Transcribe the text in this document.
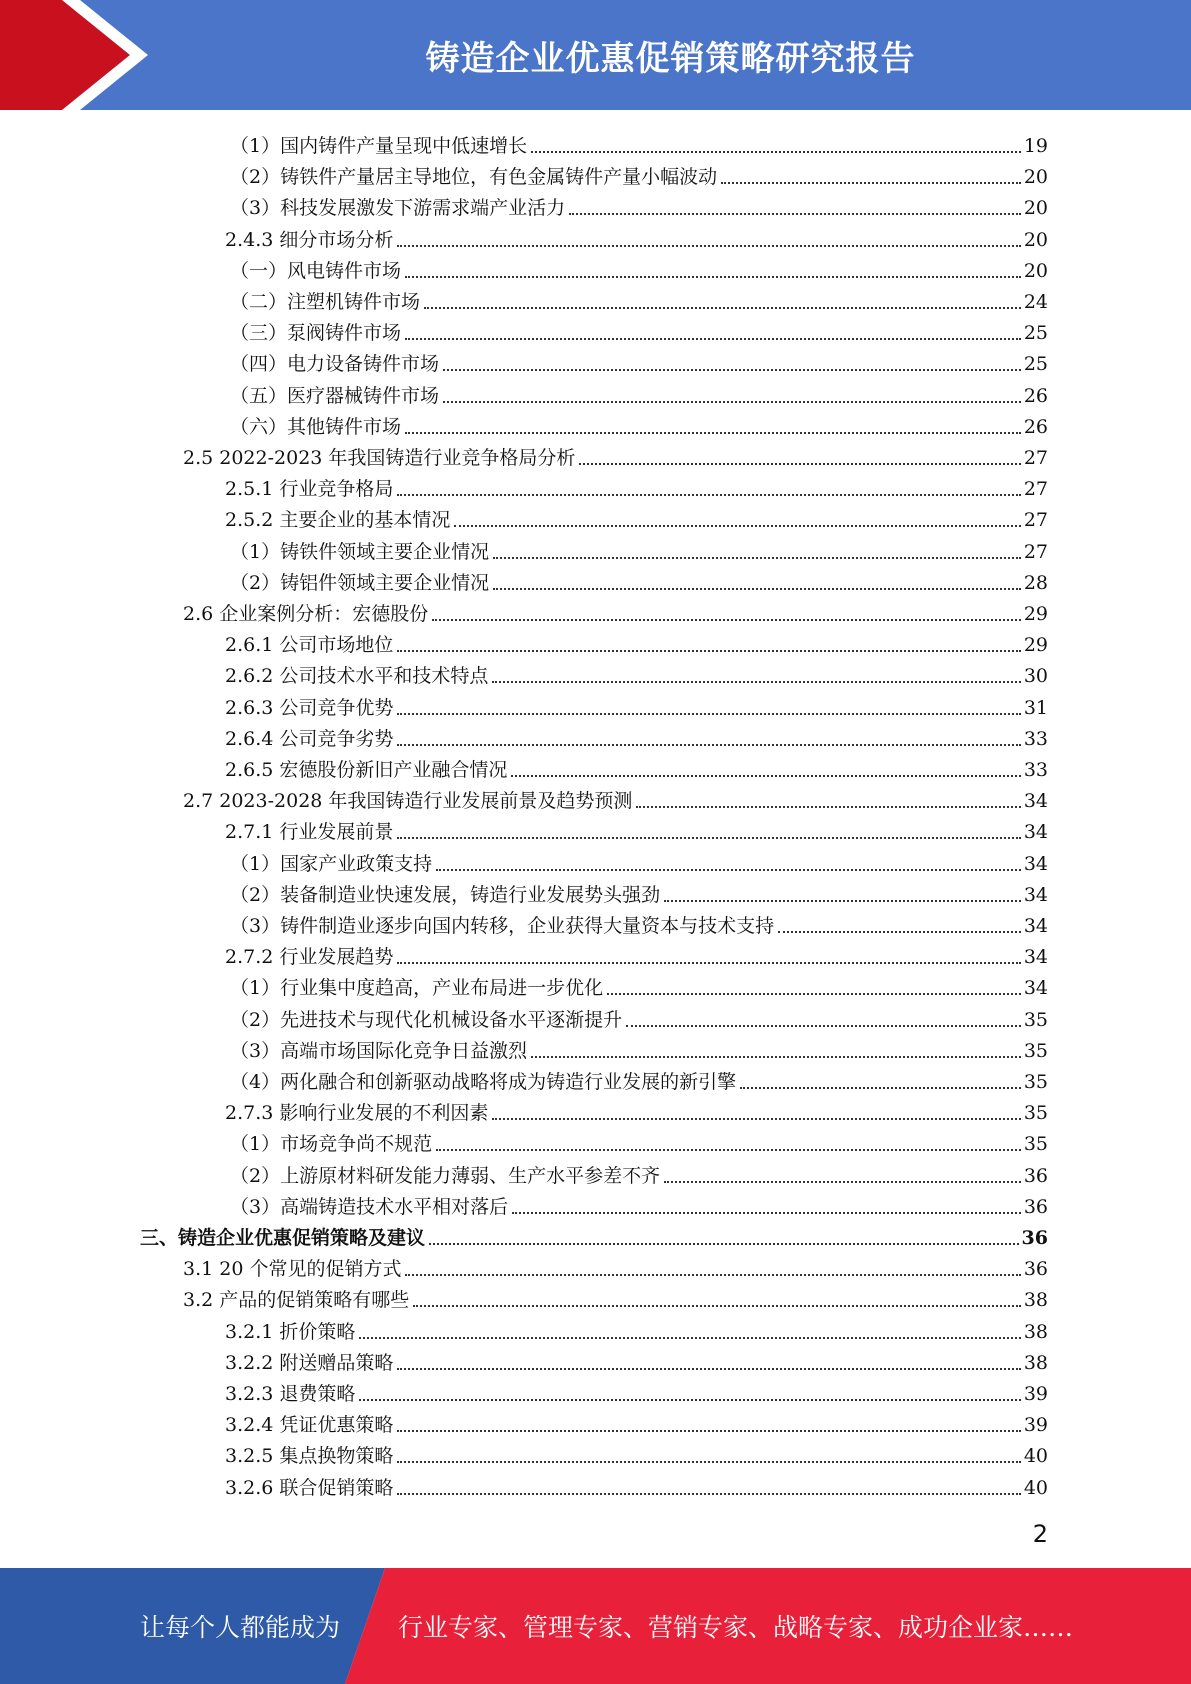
铸造企业优惠促销策略研究报告
（1）国内铸件产量呈现中低速增长	19
（2）铸铁件产量居主导地位，有色金属铸件产量小幅波动	20
（3）科技发展激发下游需求端产业活力	20
2.4.3 细分市场分析	20
（一）风电铸件市场	20
（二）注塑机铸件市场	24
（三）泵阀铸件市场	25
（四）电力设备铸件市场	25
（五）医疗器械铸件市场	26
（六）其他铸件市场	26
2.5 2022-2023 年我国铸造行业竞争格局分析	27
2.5.1 行业竞争格局	27
2.5.2 主要企业的基本情况	27
（1）铸铁件领域主要企业情况	27
（2）铸铝件领域主要企业情况	28
2.6 企业案例分析：宏德股份	29
2.6.1 公司市场地位	29
2.6.2 公司技术水平和技术特点	30
2.6.3 公司竞争优势	31
2.6.4 公司竞争劣势	33
2.6.5 宏德股份新旧产业融合情况	33
2.7 2023-2028 年我国铸造行业发展前景及趋势预测	34
2.7.1 行业发展前景	34
（1）国家产业政策支持	34
（2）装备制造业快速发展，铸造行业发展势头强劲	34
（3）铸件制造业逐步向国内转移，企业获得大量资本与技术支持	34
2.7.2 行业发展趋势	34
（1）行业集中度趋高，产业布局进一步优化	34
（2）先进技术与现代化机械设备水平逐渐提升	35
（3）高端市场国际化竞争日益激烈	35
（4）两化融合和创新驱动战略将成为铸造行业发展的新引擎	35
2.7.3 影响行业发展的不利因素	35
（1）市场竞争尚不规范	35
（2）上游原材料研发能力薄弱、生产水平参差不齐	36
（3）高端铸造技术水平相对落后	36
三、铸造企业优惠促销策略及建议	36
3.1 20 个常见的促销方式	36
3.2 产品的促销策略有哪些	38
3.2.1 折价策略	38
3.2.2 附送赠品策略	38
3.2.3 退费策略	39
3.2.4 凭证优惠策略	39
3.2.5 集点换物策略	40
3.2.6 联合促销策略	40
2
让每个人都能成为 行业专家、管理专家、营销专家、战略专家、成功企业家……
